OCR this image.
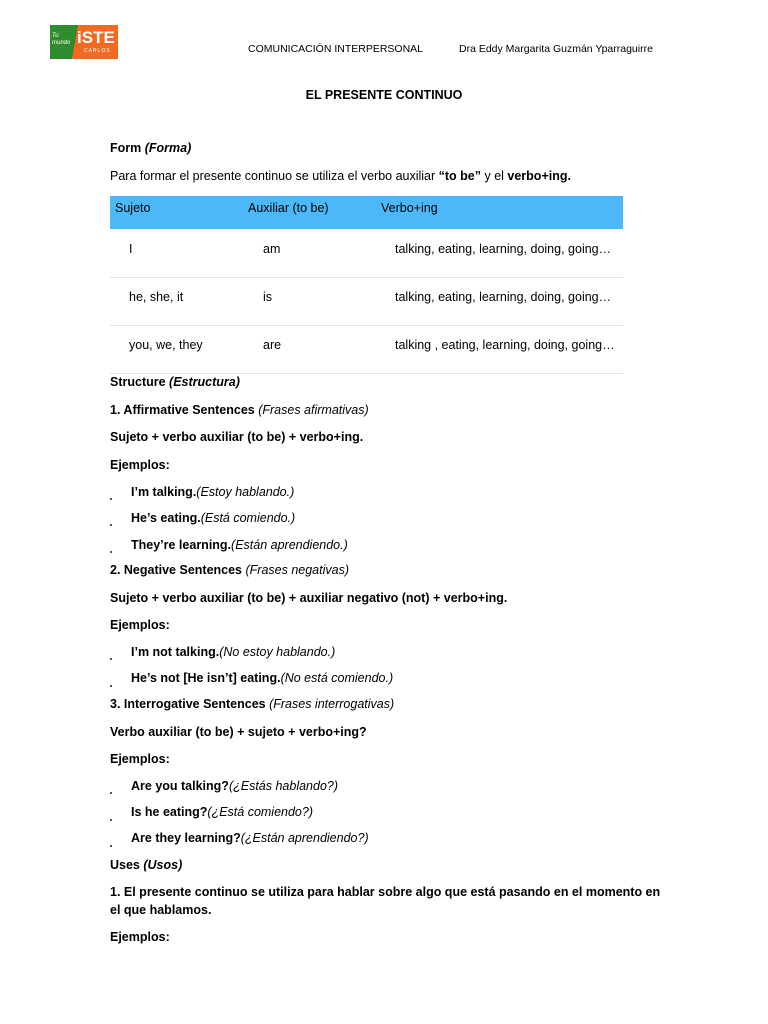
Tu mundo iSTE
CARLOS	COMUNICACIÓN INTERPERSONAL	Dra Eddy Margarita Guzmán Yparraguirre
EL PRESENTE CONTINUO
Form (Forma)
Para formar el presente continuo se utiliza el verbo auxiliar “to be” y el verbo+ing.
Sujeto	Auxiliar (to be)	Verbo+ing
I	am	talking, eating, learning, doing, going…
he, she, it	is	talking, eating, learning, doing, going…
you, we, they	are	talking , eating, learning, doing, going…
Structure (Estructura)
1. Affirmative Sentences (Frases afirmativas)
Sujeto + verbo auxiliar (to be) + verbo+ing.
Ejemplos:
I’m talking.(Estoy hablando.)
He’s eating.(Está comiendo.)
They’re learning.(Están aprendiendo.)
2. Negative Sentences (Frases negativas)
Sujeto + verbo auxiliar (to be) + auxiliar negativo (not) + verbo+ing.
Ejemplos:
I’m not talking.(No estoy hablando.)
He’s not [He isn’t] eating.(No está comiendo.)
3. Interrogative Sentences (Frases interrogativas)
Verbo auxiliar (to be) + sujeto + verbo+ing?
Ejemplos:
Are you talking?(¿Estás hablando?)
Is he eating?(¿Está comiendo?)
Are they learning?(¿Están aprendiendo?)
Uses (Usos)
1. El presente continuo se utiliza para hablar sobre algo que está pasando en el momento en
el que hablamos.
Ejemplos:
